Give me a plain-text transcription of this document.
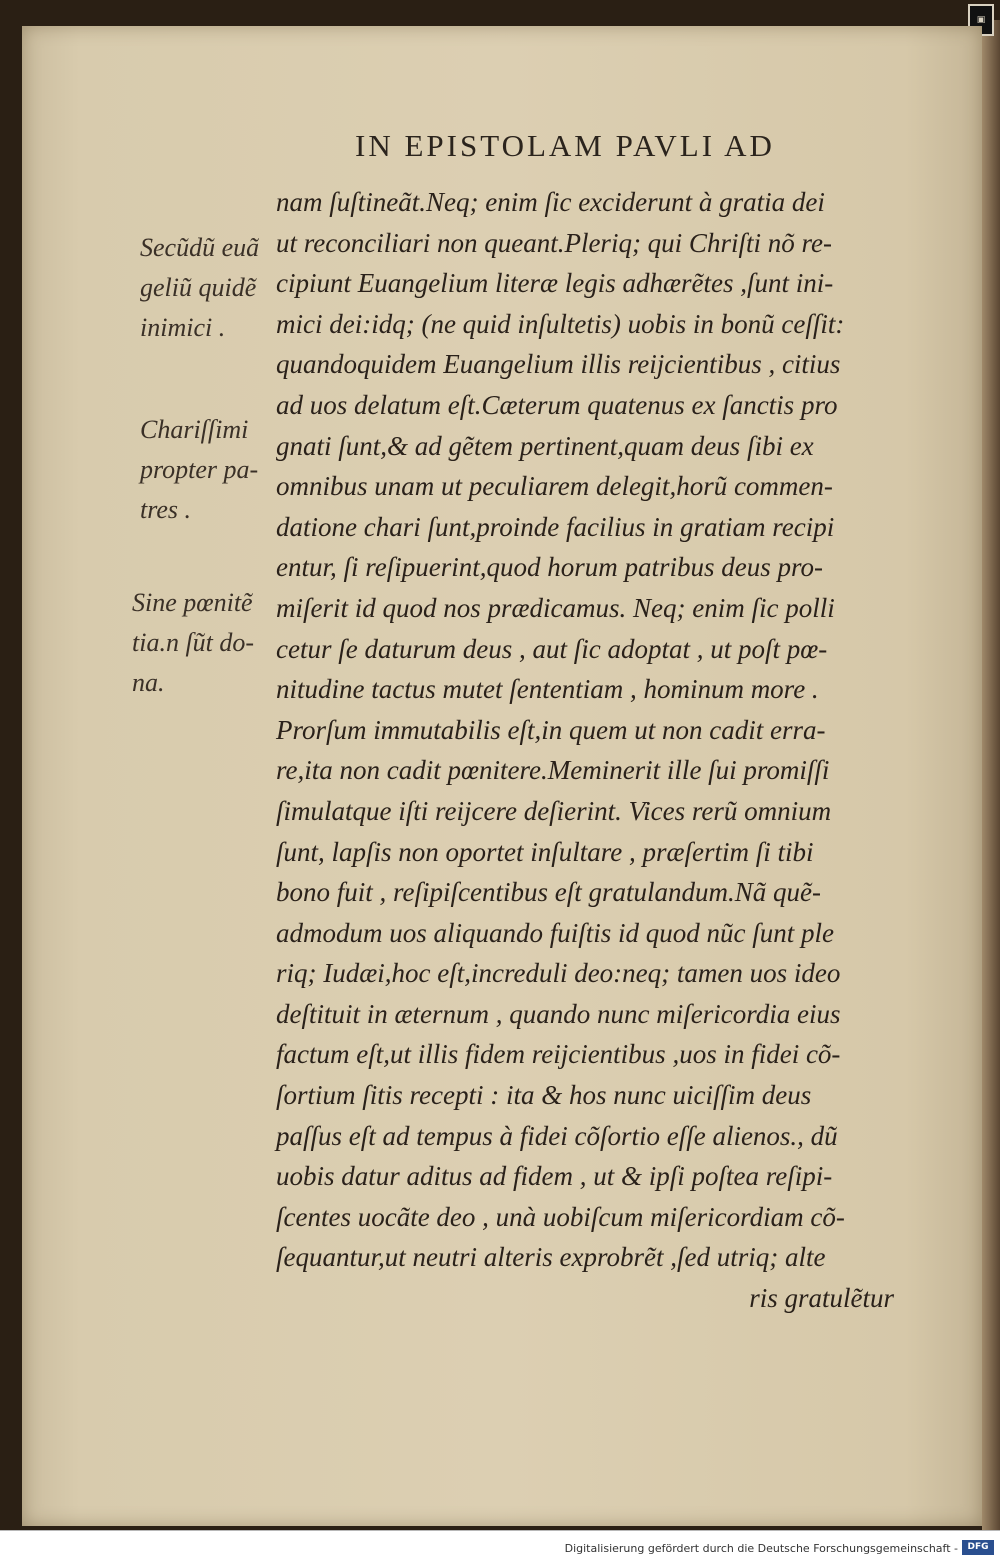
▣
IN EPISTOLAM PAVLI AD
nam ſuſtineãt.Neq; enim ſic exciderunt à gratia dei
ut reconciliari non queant.Pleriq; qui Chriſti nõ re-
cipiunt Euangelium literæ legis adhærẽtes ,ſunt ini-
mici dei:idq; (ne quid inſultetis) uobis in bonũ ceſſit:
quandoquidem Euangelium illis reijcientibus , citius
ad uos delatum eſt.Cæterum quatenus ex ſanctis pro
gnati ſunt,& ad gẽtem pertinent,quam deus ſibi ex
omnibus unam ut peculiarem delegit,horũ commen-
datione chari ſunt,proinde facilius in gratiam recipi
entur, ſi reſipuerint,quod horum patribus deus pro-
miſerit id quod nos prædicamus. Neq; enim ſic polli
cetur ſe daturum deus , aut ſic adoptat , ut poſt pœ-
nitudine tactus mutet ſententiam , hominum more .
Prorſum immutabilis eſt,in quem ut non cadit erra-
re,ita non cadit pœnitere.Meminerit ille ſui promiſſi
ſimulatque iſti reijcere deſierint. Vices rerũ omnium
ſunt, lapſis non oportet inſultare , præſertim ſi tibi
bono fuit , reſipiſcentibus eſt gratulandum.Nã quẽ-
admodum uos aliquando fuiſtis id quod nũc ſunt ple
riq; Iudæi,hoc eſt,increduli deo:neq; tamen uos ideo
deſtituit in æternum , quando nunc miſericordia eius
factum eſt,ut illis fidem reijcientibus ,uos in fidei cõ-
ſortium ſitis recepti : ita & hos nunc uiciſſim deus
paſſus eſt ad tempus à fidei cõſortio eſſe alienos., dũ
uobis datur aditus ad fidem , ut & ipſi poſtea reſipi-
ſcentes uocãte deo , unà uobiſcum miſericordiam cõ-
ſequantur,ut neutri alteris exprobrẽt ,ſed utriq; alte
ris gratulẽtur
Secũdũ euã
geliũ quidẽ
inimici .
Chariſſimi
propter pa-
tres .
Sine pœnitẽ
tia.n ſũt do-
na.
Digitalisierung gefördert durch die Deutsche Forschungsgemeinschaft -	DFG
